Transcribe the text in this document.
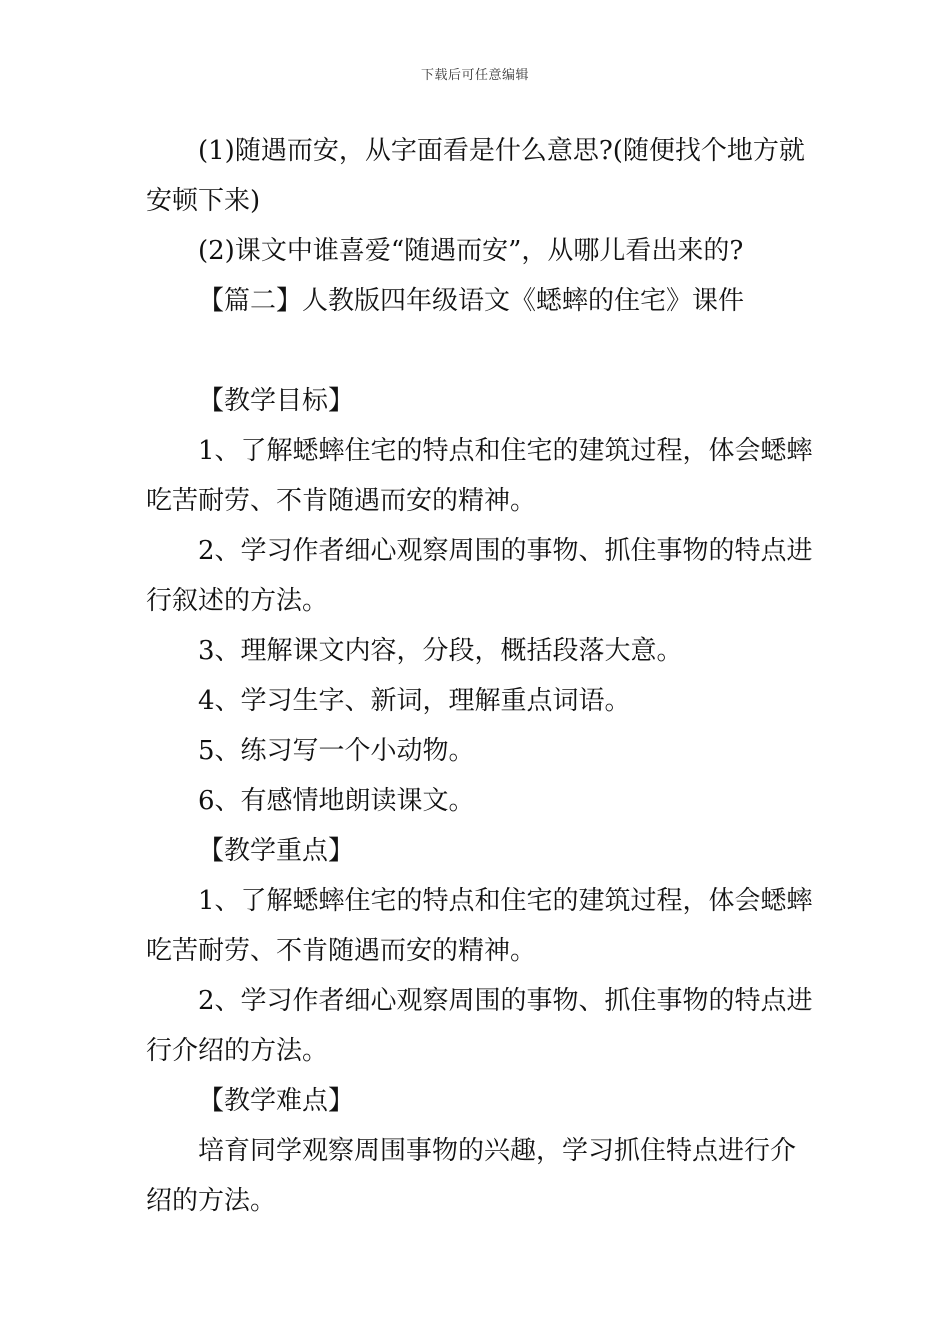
下载后可任意编辑

(1)随遇而安，从字面看是什么意思?(随便找个地方就安顿下来)

(2)课文中谁喜爱“随遇而安”，从哪儿看出来的?

【篇二】人教版四年级语文《蟋蟀的住宅》课件

【教学目标】

1、了解蟋蟀住宅的特点和住宅的建筑过程，体会蟋蟀吃苦耐劳、不肯随遇而安的精神。

2、学习作者细心观察周围的事物、抓住事物的特点进行叙述的方法。

3、理解课文内容，分段，概括段落大意。

4、学习生字、新词，理解重点词语。

5、练习写一个小动物。

6、有感情地朗读课文。

【教学重点】

1、了解蟋蟀住宅的特点和住宅的建筑过程，体会蟋蟀吃苦耐劳、不肯随遇而安的精神。

2、学习作者细心观察周围的事物、抓住事物的特点进行介绍的方法。

【教学难点】

培育同学观察周围事物的兴趣，学习抓住特点进行介绍的方法。
